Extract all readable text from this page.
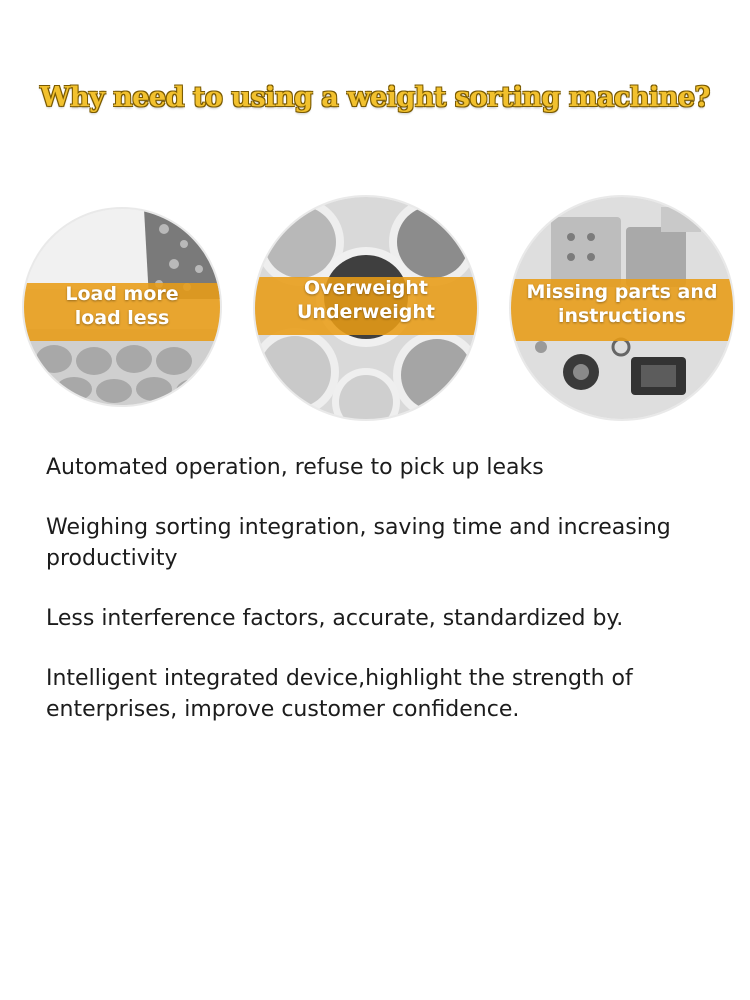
Why need to using a weight sorting machine?
Load more load less
Overweight Underweight
Missing parts and instructions

Automated operation, refuse to pick up leaks

Weighing sorting integration, saving time and increasing productivity

Less interference factors, accurate, standardized by.

Intelligent integrated device,highlight the strength of enterprises, improve customer confidence.
